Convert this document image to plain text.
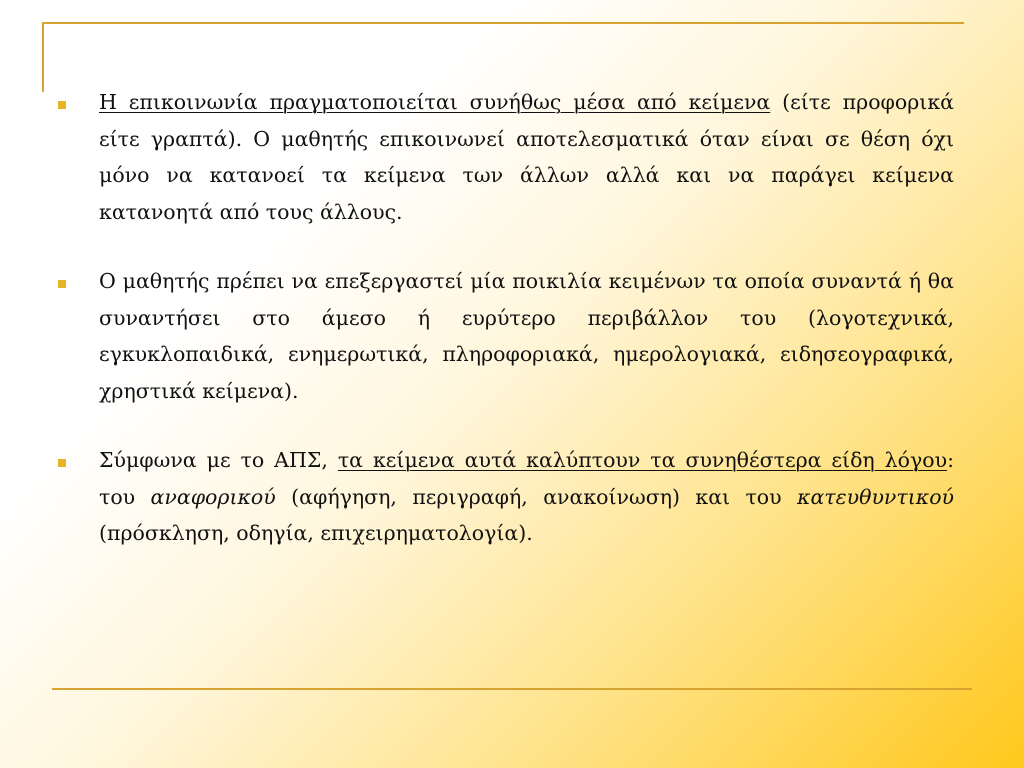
Η επικοινωνία πραγματοποιείται συνήθως μέσα από κείμενα (είτε προφορικά είτε γραπτά). Ο μαθητής επικοινωνεί αποτελεσματικά όταν είναι σε θέση όχι μόνο να κατανοεί τα κείμενα των άλλων αλλά και να παράγει κείμενα κατανοητά από τους άλλους.
Ο μαθητής πρέπει να επεξεργαστεί μία ποικιλία κειμένων τα οποία συναντά ή θα συναντήσει στο άμεσο ή ευρύτερο περιβάλλον του (λογοτεχνικά, εγκυκλοπαιδικά, ενημερωτικά, πληροφοριακά, ημερολογιακά, ειδησεογραφικά, χρηστικά κείμενα).
Σύμφωνα με το ΑΠΣ, τα κείμενα αυτά καλύπτουν τα συνηθέστερα είδη λόγου: του αναφορικού (αφήγηση, περιγραφή, ανακοίνωση) και του κατευθυντικού (πρόσκληση, οδηγία, επιχειρηματολογία).
